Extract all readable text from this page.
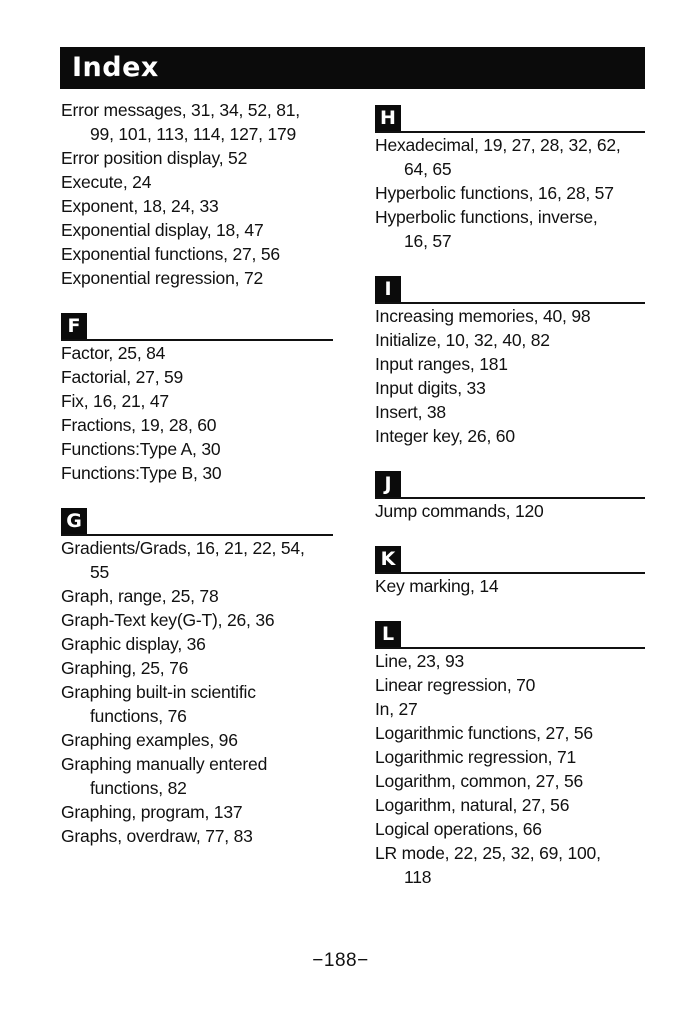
Index
Error messages, 31, 34, 52, 81,
99, 101, 113, 114, 127, 179
Error position display, 52
Execute, 24
Exponent, 18, 24, 33
Exponential display, 18, 47
Exponential functions, 27, 56
Exponential regression, 72
F
Factor, 25, 84
Factorial, 27, 59
Fix, 16, 21, 47
Fractions, 19, 28, 60
Functions:Type A, 30
Functions:Type B, 30
G
Gradients/Grads, 16, 21, 22, 54,
55
Graph, range, 25, 78
Graph-Text key(G-T), 26, 36
Graphic display, 36
Graphing, 25, 76
Graphing built-in scientific
functions, 76
Graphing examples, 96
Graphing manually entered
functions, 82
Graphing, program, 137
Graphs, overdraw, 77, 83
H
Hexadecimal, 19, 27, 28, 32, 62,
64, 65
Hyperbolic functions, 16, 28, 57
Hyperbolic functions, inverse,
16, 57
I
Increasing memories, 40, 98
Initialize, 10, 32, 40, 82
Input ranges, 181
Input digits, 33
Insert, 38
Integer key, 26, 60
J
Jump commands, 120
K
Key marking, 14
L
Line, 23, 93
Linear regression, 70
In, 27
Logarithmic functions, 27, 56
Logarithmic regression, 71
Logarithm, common, 27, 56
Logarithm, natural, 27, 56
Logical operations, 66
LR mode, 22, 25, 32, 69, 100,
118
−188−
